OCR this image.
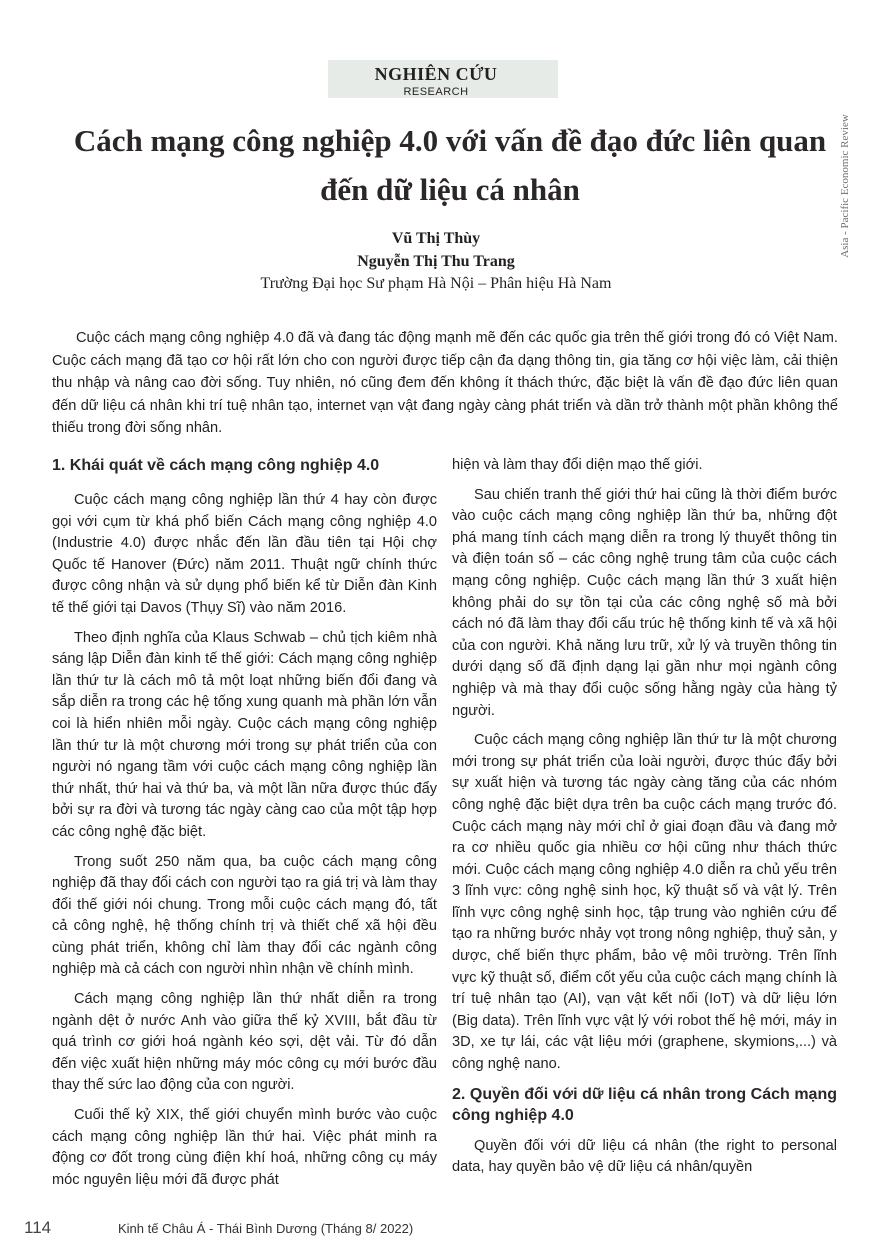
NGHIÊN CỨU
RESEARCH
Asia - Pacific Economic Review
Cách mạng công nghiệp 4.0 với vấn đề đạo đức liên quan đến dữ liệu cá nhân
Vũ Thị Thùy
Nguyễn Thị Thu Trang
Trường Đại học Sư phạm Hà Nội – Phân hiệu Hà Nam

Cuộc cách mạng công nghiệp 4.0 đã và đang tác động mạnh mẽ đến các quốc gia trên thế giới trong đó có Việt Nam. Cuộc cách mạng đã tạo cơ hội rất lớn cho con người được tiếp cận đa dạng thông tin, gia tăng cơ hội việc làm, cải thiện thu nhập và nâng cao đời sống. Tuy nhiên, nó cũng đem đến không ít thách thức, đặc biệt là vấn đề đạo đức liên quan đến dữ liệu cá nhân khi trí tuệ nhân tạo, internet vạn vật đang ngày càng phát triển và dần trở thành một phần không thể thiếu trong đời sống nhân.

1. Khái quát về cách mạng công nghiệp 4.0

Cuộc cách mạng công nghiệp lần thứ 4 hay còn được gọi với cụm từ khá phổ biến Cách mạng công nghiệp 4.0 (Industrie 4.0) được nhắc đến lần đầu tiên tại Hội chợ Quốc tế Hanover (Đức) năm 2011. Thuật ngữ chính thức được công nhận và sử dụng phổ biến kể từ Diễn đàn Kinh tế thế giới tại Davos (Thụy Sĩ) vào năm 2016.

Theo định nghĩa của Klaus Schwab – chủ tịch kiêm nhà sáng lập Diễn đàn kinh tế thế giới: Cách mạng công nghiệp lần thứ tư là cách mô tả một loạt những biến đổi đang và sắp diễn ra trong các hệ tống xung quanh mà phần lớn vẫn coi là hiển nhiên mỗi ngày. Cuộc cách mạng công nghiệp lần thứ tư là một chương mới trong sự phát triển của con người nó ngang tầm với cuộc cách mạng công nghiệp lần thứ nhất, thứ hai và thứ ba, và một lần nữa được thúc đẩy bởi sự ra đời và tương tác ngày càng cao của một tập hợp các công nghệ đặc biệt.

Trong suốt 250 năm qua, ba cuộc cách mạng công nghiệp đã thay đổi cách con người tạo ra giá trị và làm thay đổi thế giới nói chung. Trong mỗi cuộc cách mạng đó, tất cả công nghệ, hệ thống chính trị và thiết chế xã hội đều cùng phát triển, không chỉ làm thay đổi các ngành công nghiệp mà cả cách con người nhìn nhận về chính mình.

Cách mạng công nghiệp lần thứ nhất diễn ra trong ngành dệt ở nước Anh vào giữa thế kỷ XVIII, bắt đầu từ quá trình cơ giới hoá ngành kéo sợi, dệt vải. Từ đó dẫn đến việc xuất hiện những máy móc công cụ mới bước đầu thay thế sức lao động của con người.

Cuối thế kỷ XIX, thế giới chuyển mình bước vào cuộc cách mạng công nghiệp lần thứ hai. Việc phát minh ra động cơ đốt trong cùng điện khí hoá, những công cụ máy móc nguyên liệu mới đã được phát

hiện và làm thay đổi diện mạo thế giới.

Sau chiến tranh thế giới thứ hai cũng là thời điểm bước vào cuộc cách mạng công nghiệp lần thứ ba, những đột phá mang tính cách mạng diễn ra trong lý thuyết thông tin và điện toán số – các công nghệ trung tâm của cuộc cách mạng công nghiệp. Cuộc cách mạng lần thứ 3 xuất hiện không phải do sự tồn tại của các công nghệ số mà bởi cách nó đã làm thay đổi cấu trúc hệ thống kinh tế và xã hội của con người. Khả năng lưu trữ, xử lý và truyền thông tin dưới dạng số đã định dạng lại gần như mọi ngành công nghiệp và mà thay đổi cuộc sống hằng ngày của hàng tỷ người.

Cuộc cách mạng công nghiệp lần thứ tư là một chương mới trong sự phát triển của loài người, được thúc đẩy bởi sự xuất hiện và tương tác ngày càng tăng của các nhóm công nghệ đặc biệt dựa trên ba cuộc cách mạng trước đó. Cuộc cách mạng này mới chỉ ở giai đoạn đầu và đang mở ra cơ nhiều quốc gia nhiều cơ hội cũng như thách thức mới. Cuộc cách mạng công nghiệp 4.0 diễn ra chủ yếu trên 3 lĩnh vực: công nghệ sinh học, kỹ thuật số và vật lý. Trên lĩnh vực công nghệ sinh học, tập trung vào nghiên cứu để tạo ra những bước nhảy vọt trong nông nghiệp, thuỷ sản, y dược, chế biến thực phẩm, bảo vệ môi trường. Trên lĩnh vực kỹ thuật số, điểm cốt yếu của cuộc cách mạng chính là trí tuệ nhân tạo (AI), vạn vật kết nối (IoT) và dữ liệu lớn (Big data). Trên lĩnh vực vật lý với robot thế hệ mới, máy in 3D, xe tự lái, các vật liệu mới (graphene, skymions,...) và công nghệ nano.

2. Quyền đối với dữ liệu cá nhân trong Cách mạng công nghiệp 4.0

Quyền đối với dữ liệu cá nhân (the right to personal data, hay quyền bảo vệ dữ liệu cá nhân/quyền

114	Kinh tế Châu Á - Thái Bình Dương (Tháng 8/ 2022)
